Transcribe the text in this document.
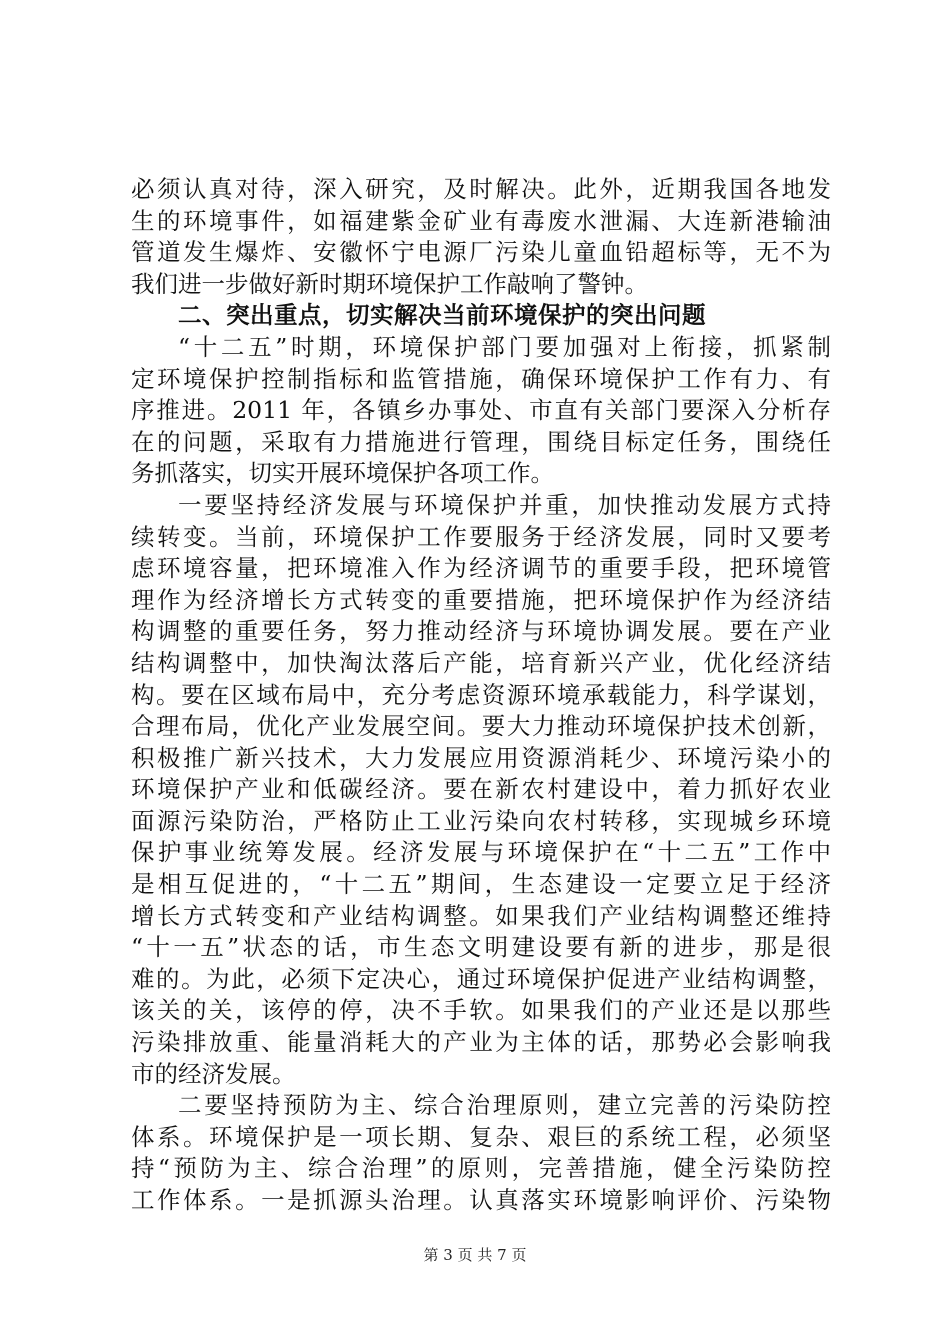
必须认真对待，深入研究，及时解决。此外，近期我国各地发
生的环境事件，如福建紫金矿业有毒废水泄漏、大连新港输油
管道发生爆炸、安徽怀宁电源厂污染儿童血铅超标等，无不为
我们进一步做好新时期环境保护工作敲响了警钟。
二、突出重点，切实解决当前环境保护的突出问题
“十二五”时期，环境保护部门要加强对上衔接，抓紧制
定环境保护控制指标和监管措施，确保环境保护工作有力、有
序推进。2011 年，各镇乡办事处、市直有关部门要深入分析存
在的问题，采取有力措施进行管理，围绕目标定任务，围绕任
务抓落实，切实开展环境保护各项工作。
一要坚持经济发展与环境保护并重，加快推动发展方式持
续转变。当前，环境保护工作要服务于经济发展，同时又要考
虑环境容量，把环境准入作为经济调节的重要手段，把环境管
理作为经济增长方式转变的重要措施，把环境保护作为经济结
构调整的重要任务，努力推动经济与环境协调发展。要在产业
结构调整中，加快淘汰落后产能，培育新兴产业，优化经济结
构。要在区域布局中，充分考虑资源环境承载能力，科学谋划，
合理布局，优化产业发展空间。要大力推动环境保护技术创新，
积极推广新兴技术，大力发展应用资源消耗少、环境污染小的
环境保护产业和低碳经济。要在新农村建设中，着力抓好农业
面源污染防治，严格防止工业污染向农村转移，实现城乡环境
保护事业统筹发展。经济发展与环境保护在“十二五”工作中
是相互促进的，“十二五”期间，生态建设一定要立足于经济
增长方式转变和产业结构调整。如果我们产业结构调整还维持
“十一五”状态的话，市生态文明建设要有新的进步，那是很
难的。为此，必须下定决心，通过环境保护促进产业结构调整，
该关的关，该停的停，决不手软。如果我们的产业还是以那些
污染排放重、能量消耗大的产业为主体的话，那势必会影响我
市的经济发展。
二要坚持预防为主、综合治理原则，建立完善的污染防控
体系。环境保护是一项长期、复杂、艰巨的系统工程，必须坚
持“预防为主、综合治理”的原则，完善措施，健全污染防控
工作体系。一是抓源头治理。认真落实环境影响评价、污染物
第 3 页 共 7 页
